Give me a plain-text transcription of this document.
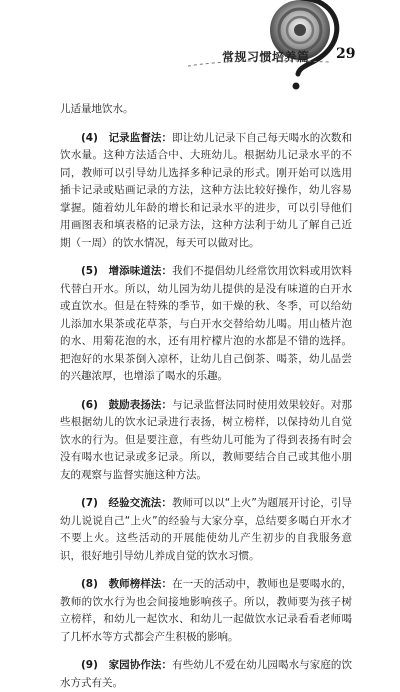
常规习惯培养篇 29

儿适量地饮水。

(4)　记录监督法：即让幼儿记录下自己每天喝水的次数和饮水量。这种方法适合中、大班幼儿。根据幼儿记录水平的不同，教师可以引导幼儿选择多种记录的形式。刚开始可以选用插卡记录或贴画记录的方法，这种方法比较好操作，幼儿容易掌握。随着幼儿年龄的增长和记录水平的进步，可以引导他们用画图表和填表格的记录方法，这种方法利于幼儿了解自己近期（一周）的饮水情况，每天可以做对比。

(5)　增添味道法：我们不提倡幼儿经常饮用饮料或用饮料代替白开水。所以，幼儿园为幼儿提供的是没有味道的白开水或直饮水。但是在特殊的季节，如干燥的秋、冬季，可以给幼儿添加水果茶或花草茶，与白开水交替给幼儿喝。用山楂片泡的水、用菊花泡的水，还有用柠檬片泡的水都是不错的选择。把泡好的水果茶倒入凉杯，让幼儿自己倒茶、喝茶，幼儿品尝的兴趣浓厚，也增添了喝水的乐趣。

(6)　鼓励表扬法：与记录监督法同时使用效果较好。对那些根据幼儿的饮水记录进行表扬，树立榜样，以保持幼儿自觉饮水的行为。但是要注意，有些幼儿可能为了得到表扬有时会没有喝水也记录或多记录。所以，教师要结合自己或其他小朋友的观察与监督实施这种方法。

(7)　经验交流法：教师可以以“上火”为题展开讨论，引导幼儿说说自己“上火”的经验与大家分享，总结要多喝白开水才不要上火。这些活动的开展能使幼儿产生初步的自我服务意识，很好地引导幼儿养成自觉的饮水习惯。

(8)　教师榜样法：在一天的活动中，教师也是要喝水的，教师的饮水行为也会间接地影响孩子。所以，教师要为孩子树立榜样，和幼儿一起饮水、和幼儿一起做饮水记录看看老师喝了几杯水等方式都会产生积极的影响。

(9)　家园协作法：有些幼儿不爱在幼儿园喝水与家庭的饮水方式有关。
